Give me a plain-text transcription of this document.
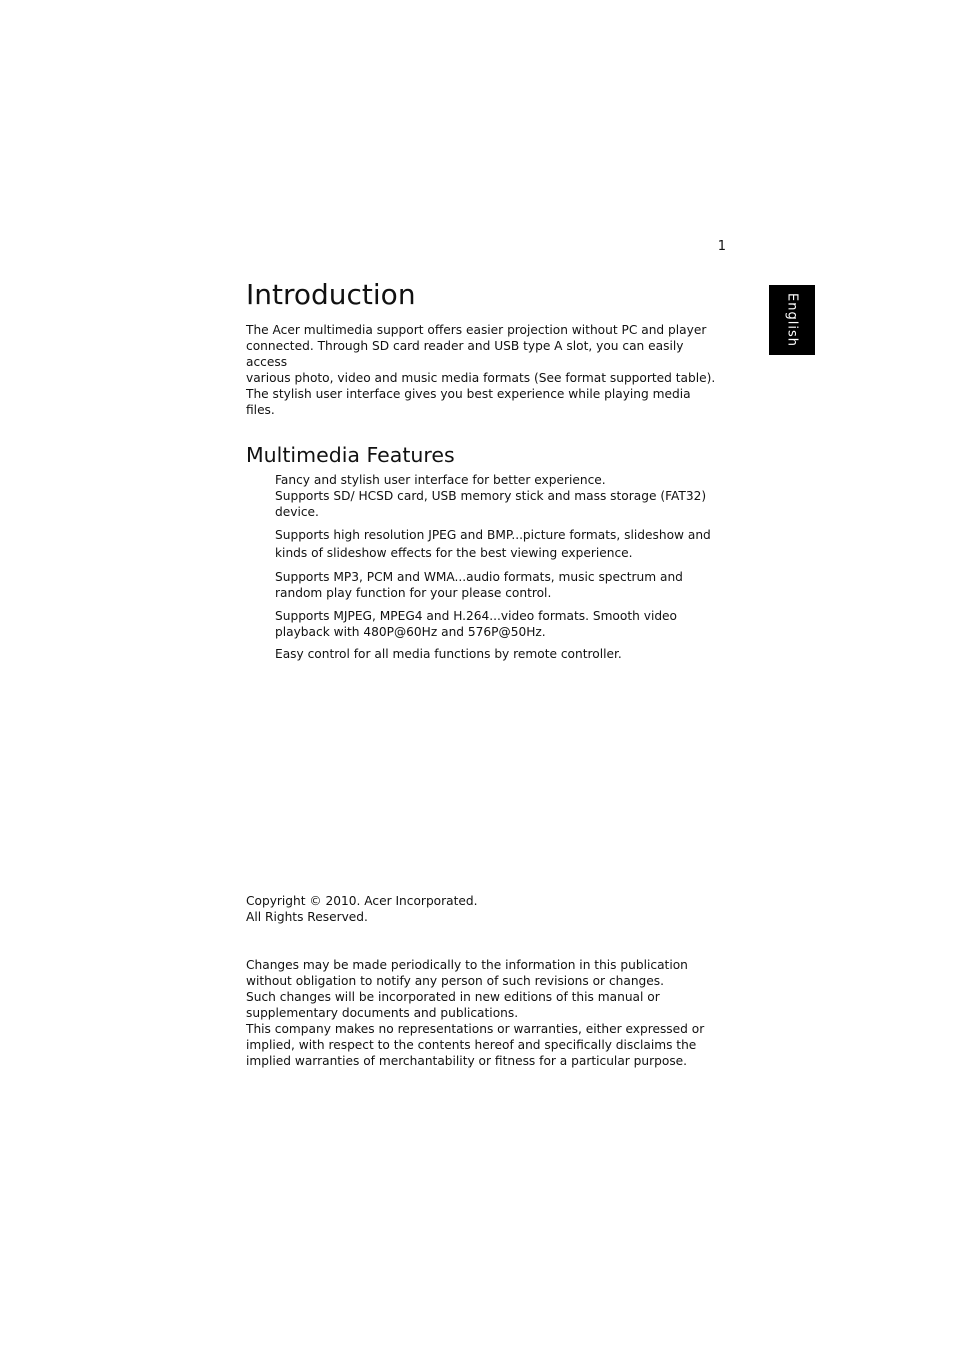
1
English
Introduction

The Acer multimedia support offers easier projection without PC and player
connected. Through SD card reader and USB type A slot, you can easily access
various photo, video and music media formats (See format supported table).
The stylish user interface gives you best experience while playing media files.

Multimedia Features
Fancy and stylish user interface for better experience.
Supports SD/ HCSD card, USB memory stick and mass storage (FAT32)
device.
Supports high resolution JPEG and BMP...picture formats, slideshow and
kinds of slideshow effects for the best viewing experience.
Supports MP3, PCM and WMA...audio formats, music spectrum and
random play function for your please control.
Supports MJPEG, MPEG4 and H.264...video formats. Smooth video
playback with 480P@60Hz and 576P@50Hz.
Easy control for all media functions by remote controller.

Copyright © 2010. Acer Incorporated.
All Rights Reserved.

Changes may be made periodically to the information in this publication
without obligation to notify any person of such revisions or changes.
Such changes will be incorporated in new editions of this manual or
supplementary documents and publications.
This company makes no representations or warranties, either expressed or
implied, with respect to the contents hereof and specifically disclaims the
implied warranties of merchantability or fitness for a particular purpose.
